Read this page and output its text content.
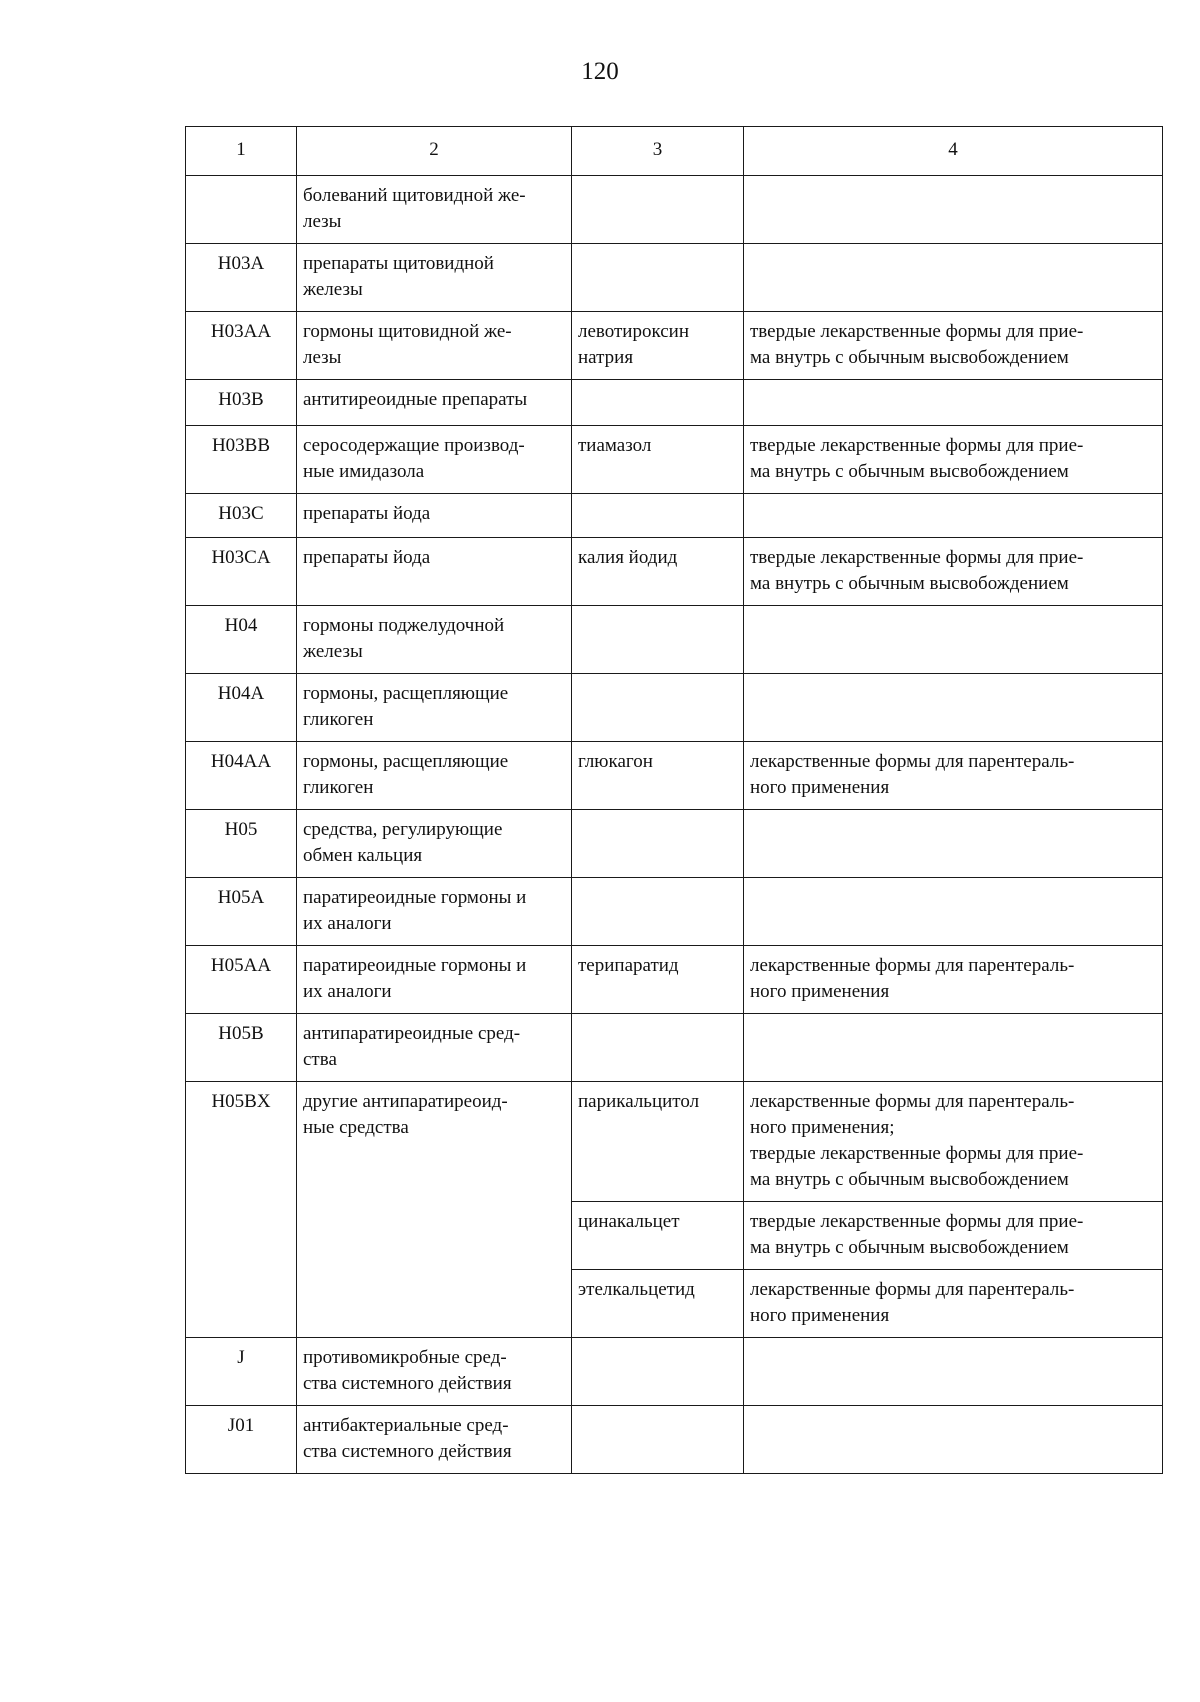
120
1	2	3	4

	болеваний щитовидной же-
лезы		

H03A	препараты щитовидной
железы		

H03AA	гормоны щитовидной же-
лезы	левотироксин
натрия	твердые лекарственные формы для прие-
ма внутрь с обычным высвобождением

H03B	антитиреоидные препараты		

H03BB	серосодержащие производ-
ные имидазола	тиамазол	твердые лекарственные формы для прие-
ма внутрь с обычным высвобождением

H03C	препараты йода		

H03CA	препараты йода	калия йодид	твердые лекарственные формы для прие-
ма внутрь с обычным высвобождением

H04	гормоны поджелудочной
железы		

H04A	гормоны, расщепляющие
гликоген		

H04AA	гормоны, расщепляющие
гликоген	глюкагон	лекарственные формы для парентераль-
ного применения

H05	средства, регулирующие
обмен кальция		

H05A	паратиреоидные гормоны и
их аналоги		

H05AA	паратиреоидные гормоны и
их аналоги	терипаратид	лекарственные формы для парентераль-
ного применения

H05B	антипаратиреоидные сред-
ства		

H05BX	другие антипаратиреоид-
ные средства	парикальцитол	лекарственные формы для парентераль-
ного применения;
твердые лекарственные формы для прие-
ма внутрь с обычным высвобождением

		цинакальцет	твердые лекарственные формы для прие-
ма внутрь с обычным высвобождением

		этелкальцетид	лекарственные формы для парентераль-
ного применения

J	противомикробные сред-
ства системного действия		

J01	антибактериальные сред-
ства системного действия		
